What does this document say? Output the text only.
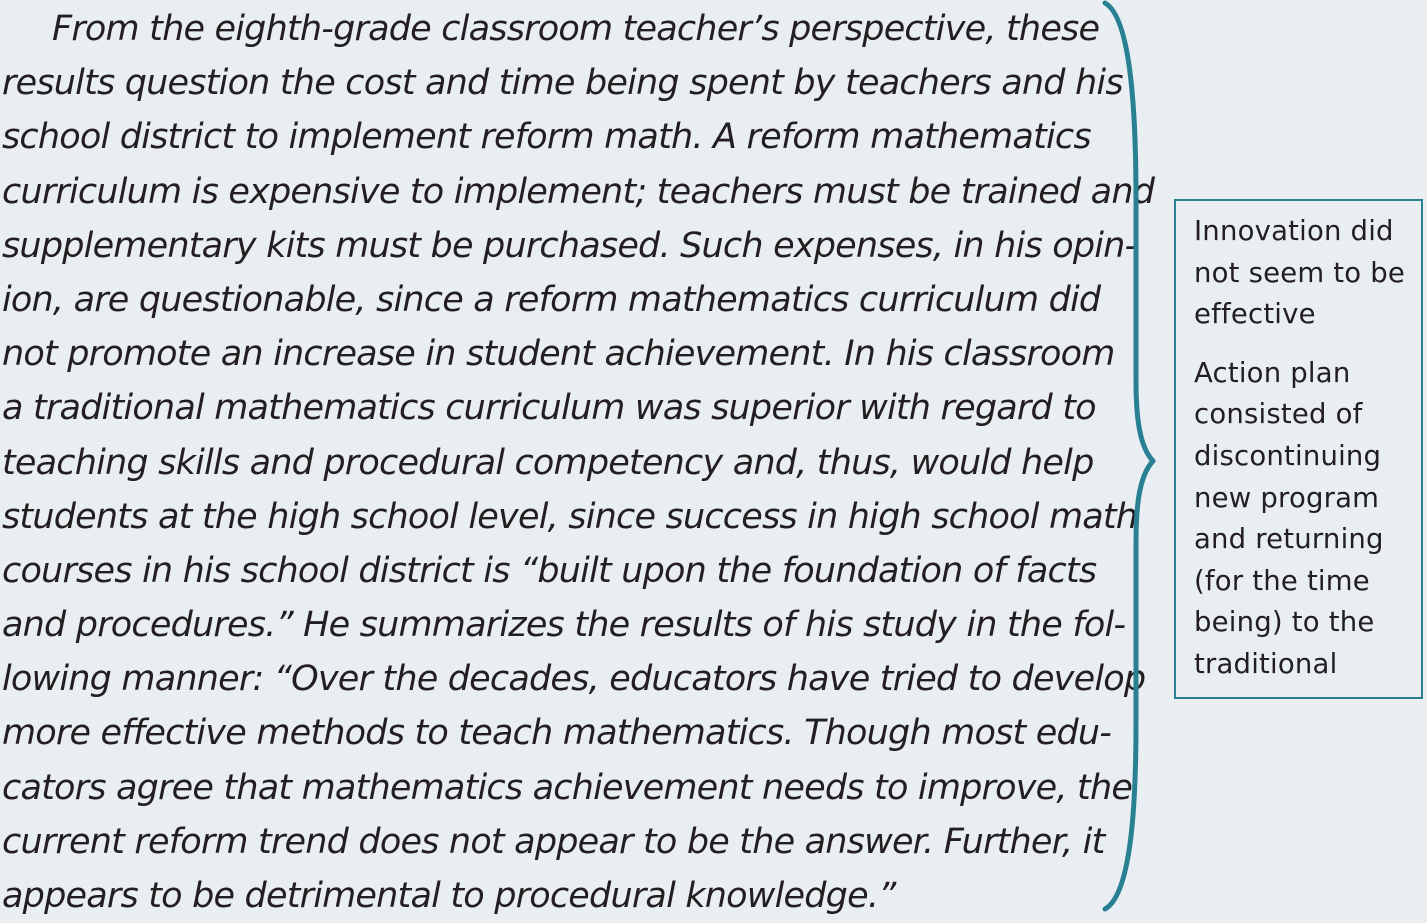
From the eighth-grade classroom teacher’s perspective, these
results question the cost and time being spent by teachers and his
school district to implement reform math. A reform mathematics
curriculum is expensive to implement; teachers must be trained and
supplementary kits must be purchased. Such expenses, in his opin-
ion, are questionable, since a reform mathematics curriculum did
not promote an increase in student achievement. In his classroom
a traditional mathematics curriculum was superior with regard to
teaching skills and procedural competency and, thus, would help
students at the high school level, since success in high school math
courses in his school district is “built upon the foundation of facts
and procedures.” He summarizes the results of his study in the fol-
lowing manner: “Over the decades, educators have tried to develop
more effective methods to teach mathematics. Though most edu-
cators agree that mathematics achievement needs to improve, the
current reform trend does not appear to be the answer. Further, it
appears to be detrimental to procedural knowledge.”
Innovation did
not seem to be
effective
Action plan
consisted of
discontinuing
new program
and returning
(for the time
being) to the
traditional
